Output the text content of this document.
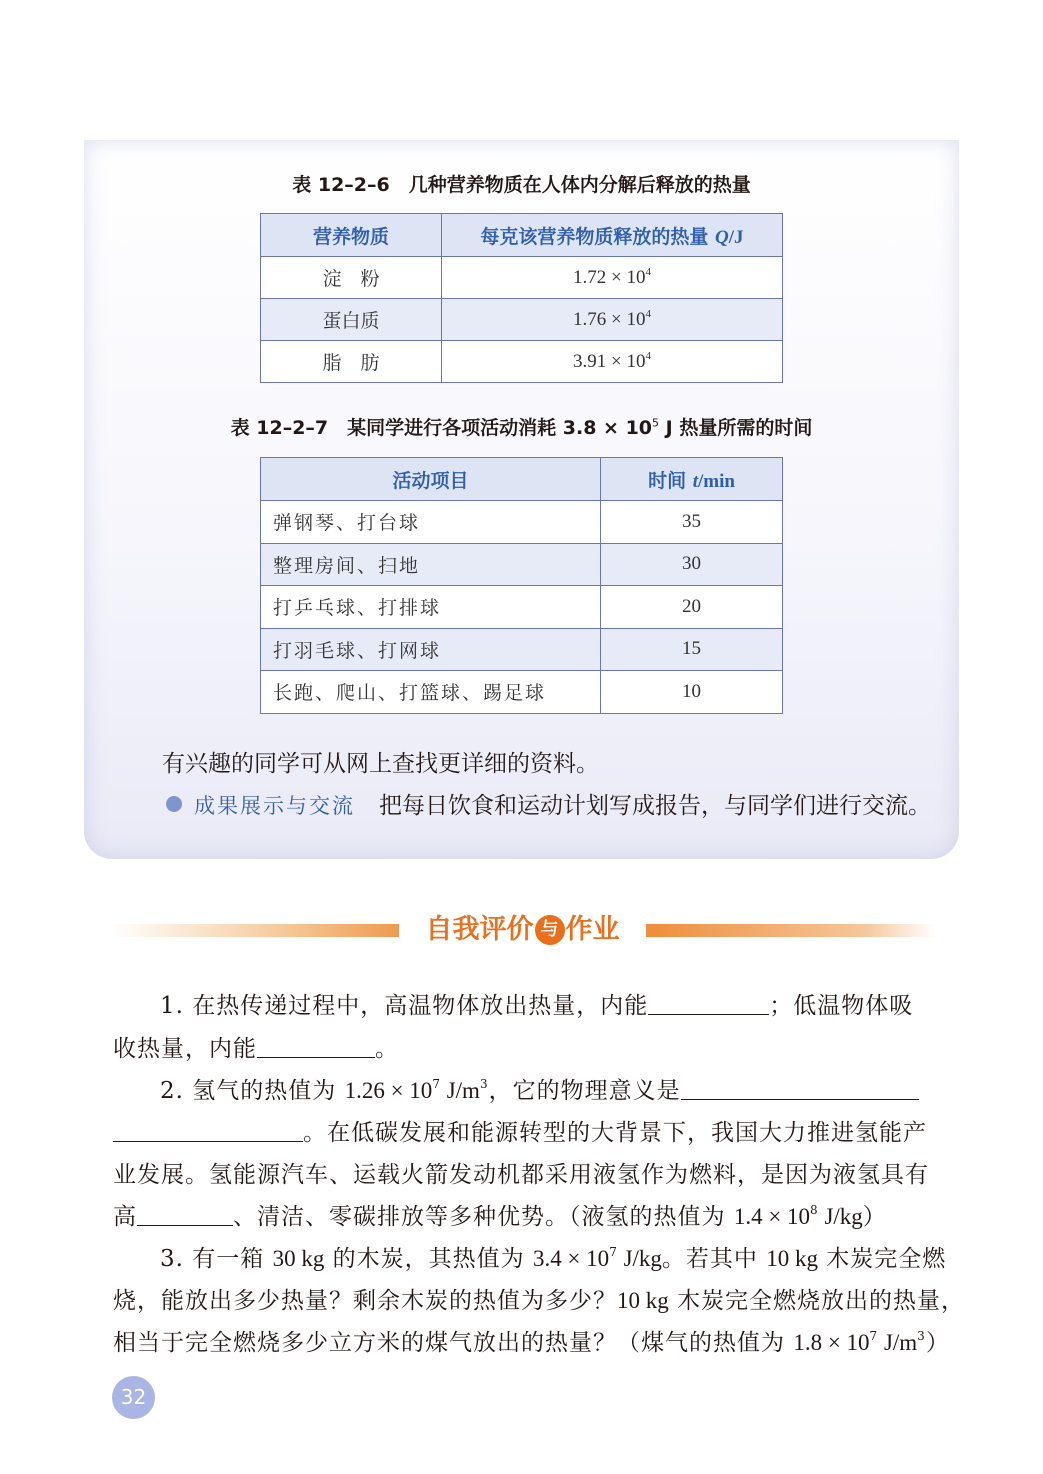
表 12–2–6　几种营养物质在人体内分解后释放的热量
营养物质	每克该营养物质释放的热量 Q/J
淀　粉	$1.72 \times 10^4$
蛋白质	$1.76 \times 10^4$
脂　肪	$3.91 \times 10^4$
表 12–2–7　某同学进行各项活动消耗 $3.8 \times 10^5$ J 热量所需的时间
活动项目	时间 t/min
弹钢琴、打台球	35
整理房间、扫地	30
打乒乓球、打排球	20
打羽毛球、打网球	15
长跑、爬山、打篮球、踢足球	10
有兴趣的同学可从网上查找更详细的资料。
成果展示与交流 把每日饮食和运动计划写成报告，与同学们进行交流。
自我评价 与 作业
1. 在热传递过程中，高温物体放出热量，内能	；低温物体吸
收热量，内能	。
2. 氢气的热值为 $1.26 \times 10^7$ $J/m^3$，它的物理意义是
。在低碳发展和能源转型的大背景下，我国大力推进氢能产
业发展。氢能源汽车、运载火箭发动机都采用液氢作为燃料，是因为液氢具有
高	、清洁、零碳排放等多种优势。（液氢的热值为 $1.4 \times 10^8$ J/kg）
3. 有一箱 30 kg 的木炭，其热值为 $3.4 \times 10^7$ J/kg。若其中 10 kg 木炭完全燃
烧，能放出多少热量？剩余木炭的热值为多少？10 kg 木炭完全燃烧放出的热量，
相当于完全燃烧多少立方米的煤气放出的热量？（煤气的热值为 $1.8 \times 10^7$ $J/m^3$）
32
